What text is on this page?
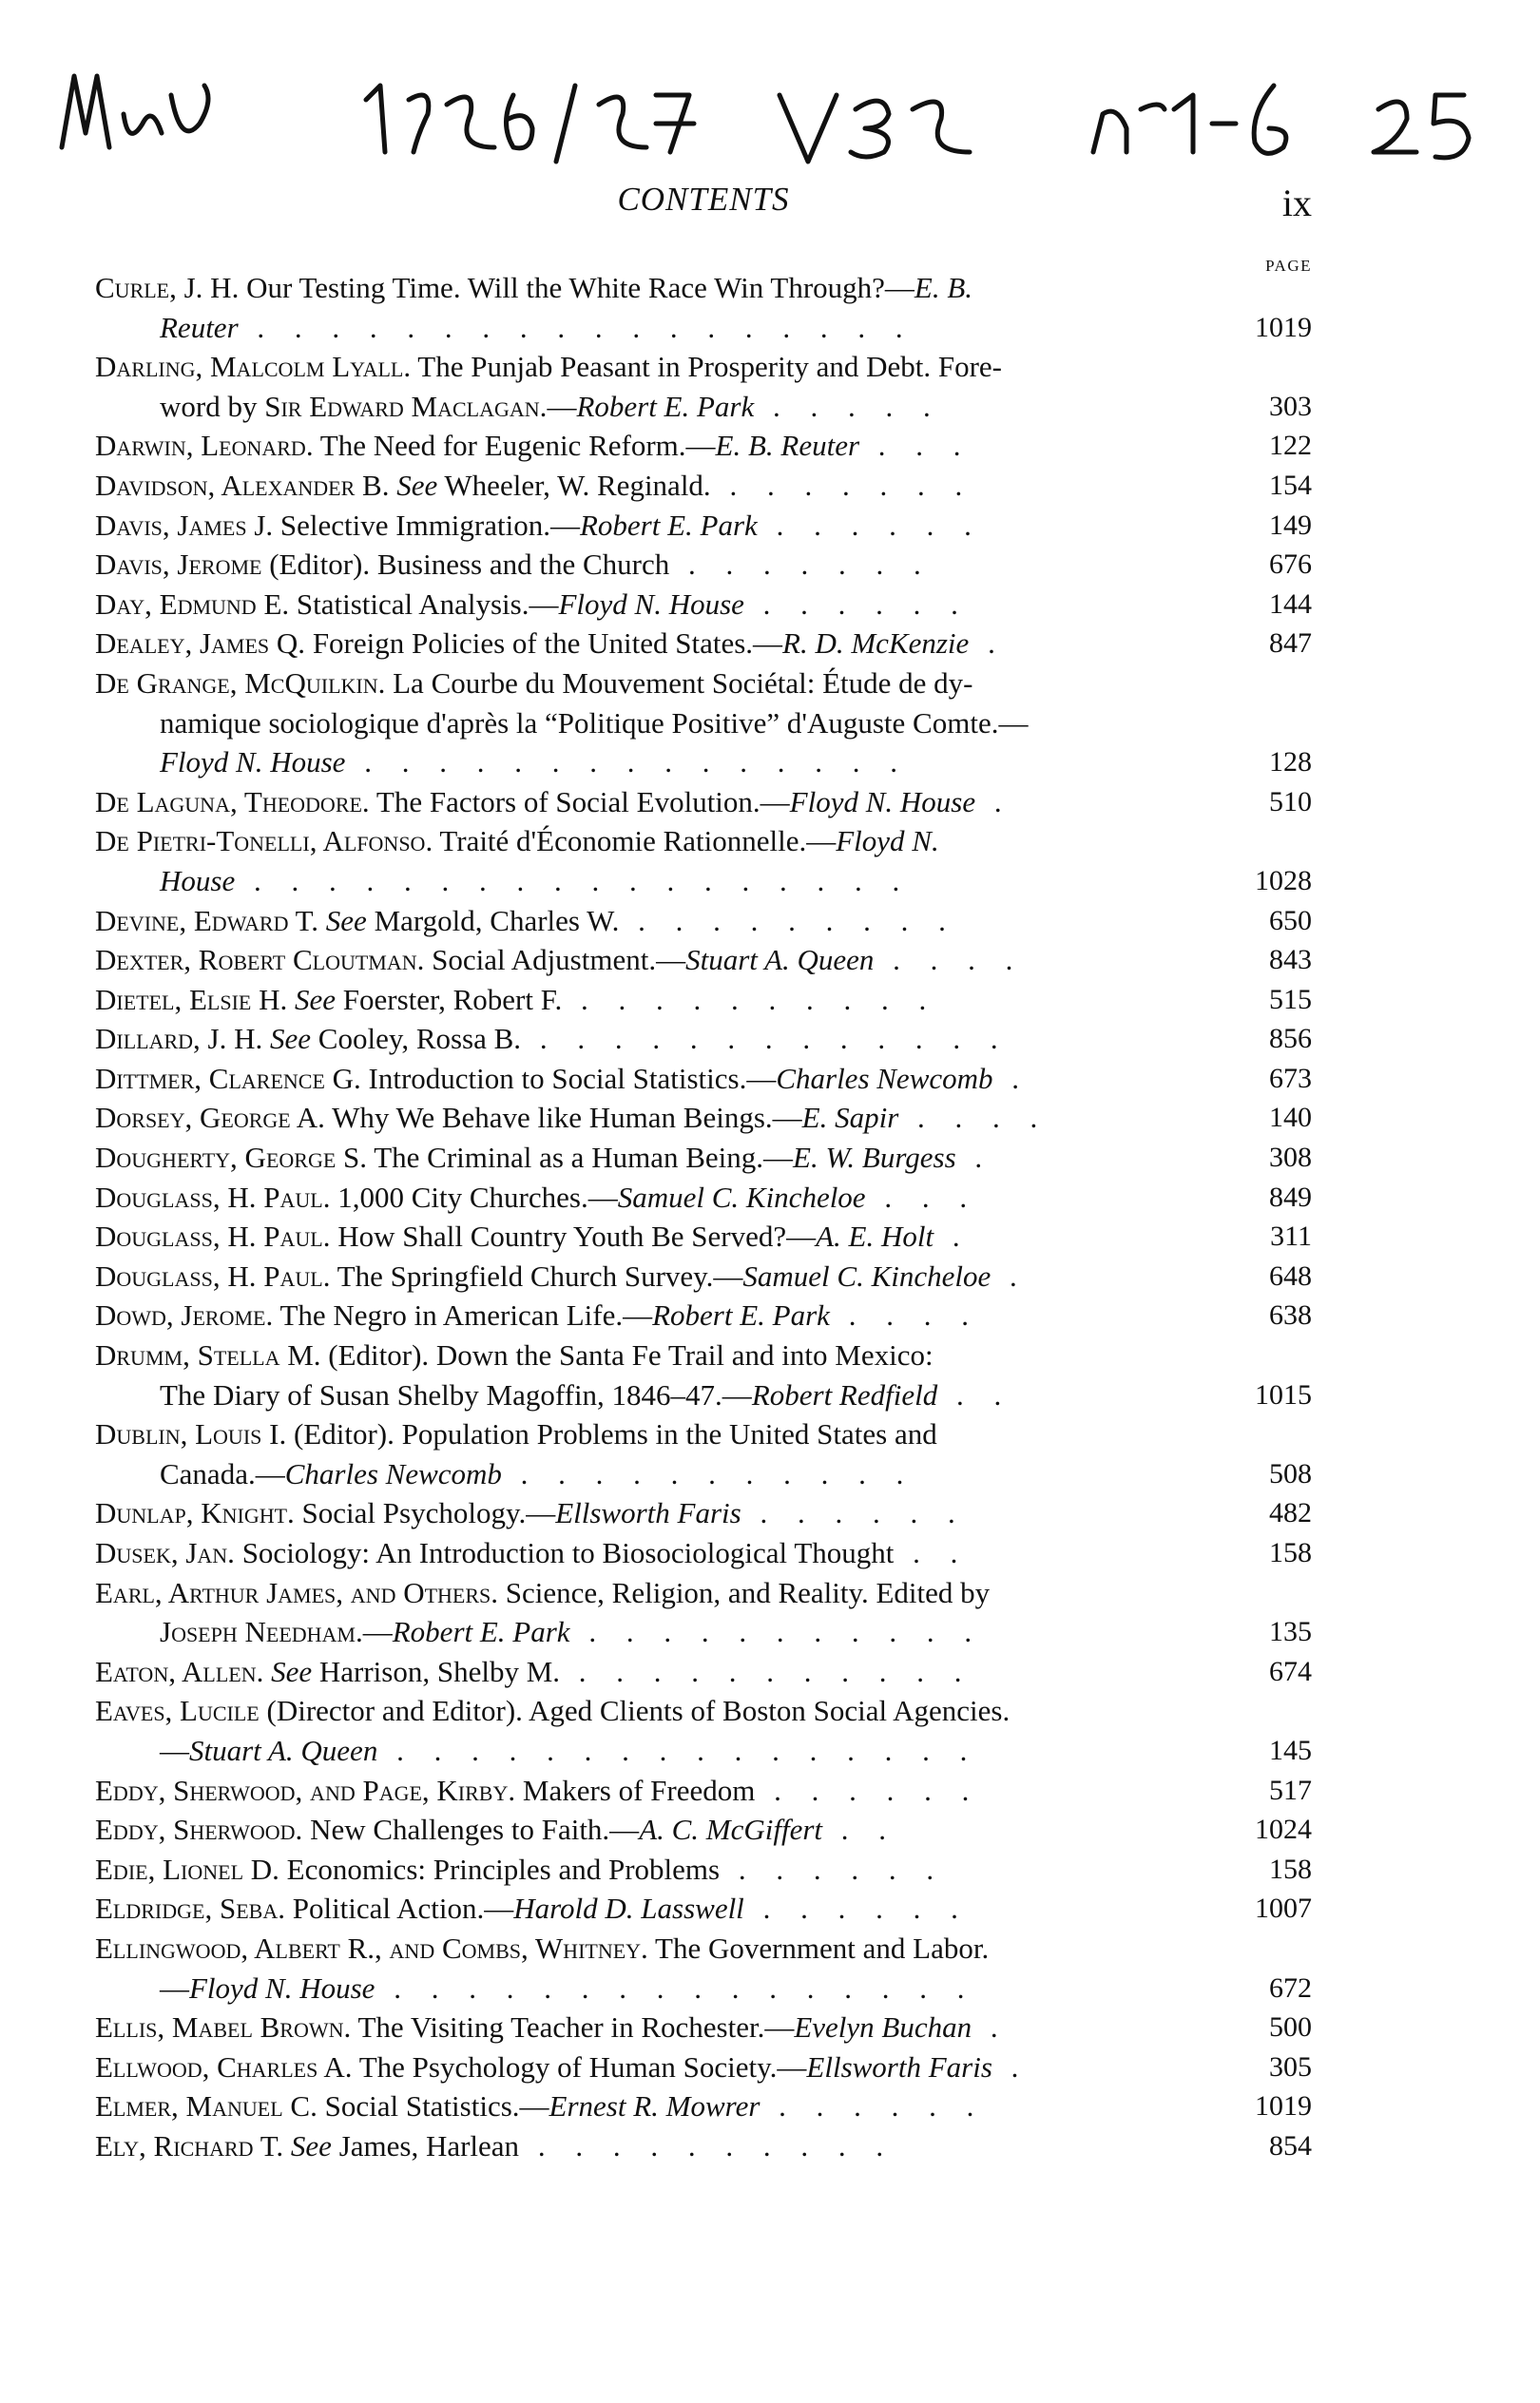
CONTENTS	ix
PAGE
Curle, J. H. Our Testing Time. Will the White Race Win Through?—E. B.
Reuter . . . . . . . . . . . . . . . . . .	1019
Darling, Malcolm Lyall. The Punjab Peasant in Prosperity and Debt. Fore-
word by Sir Edward Maclagan.—Robert E. Park . . . . .	303
Darwin, Leonard. The Need for Eugenic Reform.—E. B. Reuter . . .	122
Davidson, Alexander B. See Wheeler, W. Reginald. . . . . . . .	154
Davis, James J. Selective Immigration.—Robert E. Park . . . . . .	149
Davis, Jerome (Editor). Business and the Church . . . . . . .	676
Day, Edmund E. Statistical Analysis.—Floyd N. House . . . . . .	144
Dealey, James Q. Foreign Policies of the United States.—R. D. McKenzie .	847
De Grange, McQuilkin. La Courbe du Mouvement Sociétal: Étude de dy-
namique sociologique d'après la “Politique Positive” d'Auguste Comte.—
Floyd N. House . . . . . . . . . . . . . . .	128
De Laguna, Theodore. The Factors of Social Evolution.—Floyd N. House .	510
De Pietri-Tonelli, Alfonso. Traité d'Économie Rationnelle.—Floyd N.
House . . . . . . . . . . . . . . . . . .	1028
Devine, Edward T. See Margold, Charles W. . . . . . . . . .	650
Dexter, Robert Cloutman. Social Adjustment.—Stuart A. Queen . . . .	843
Dietel, Elsie H. See Foerster, Robert F. . . . . . . . . . .	515
Dillard, J. H. See Cooley, Rossa B. . . . . . . . . . . . . .	856
Dittmer, Clarence G. Introduction to Social Statistics.—Charles Newcomb .	673
Dorsey, George A. Why We Behave like Human Beings.—E. Sapir . . . .	140
Dougherty, George S. The Criminal as a Human Being.—E. W. Burgess .	308
Douglass, H. Paul. 1,000 City Churches.—Samuel C. Kincheloe . . .	849
Douglass, H. Paul. How Shall Country Youth Be Served?—A. E. Holt .	311
Douglass, H. Paul. The Springfield Church Survey.—Samuel C. Kincheloe .	648
Dowd, Jerome. The Negro in American Life.—Robert E. Park . . . .	638
Drumm, Stella M. (Editor). Down the Santa Fe Trail and into Mexico:
The Diary of Susan Shelby Magoffin, 1846–47.—Robert Redfield . .	1015
Dublin, Louis I. (Editor). Population Problems in the United States and
Canada.—Charles Newcomb . . . . . . . . . . .	508
Dunlap, Knight. Social Psychology.—Ellsworth Faris . . . . . .	482
Dusek, Jan. Sociology: An Introduction to Biosociological Thought . .	158
Earl, Arthur James, and Others. Science, Religion, and Reality. Edited by
Joseph Needham.—Robert E. Park . . . . . . . . . . .	135
Eaton, Allen. See Harrison, Shelby M. . . . . . . . . . . .	674
Eaves, Lucile (Director and Editor). Aged Clients of Boston Social Agencies.
—Stuart A. Queen . . . . . . . . . . . . . . . .	145
Eddy, Sherwood, and Page, Kirby. Makers of Freedom . . . . . .	517
Eddy, Sherwood. New Challenges to Faith.—A. C. McGiffert . .	1024
Edie, Lionel D. Economics: Principles and Problems . . . . . .	158
Eldridge, Seba. Political Action.—Harold D. Lasswell . . . . . .	1007
Ellingwood, Albert R., and Combs, Whitney. The Government and Labor.
—Floyd N. House . . . . . . . . . . . . . . . .	672
Ellis, Mabel Brown. The Visiting Teacher in Rochester.—Evelyn Buchan .	500
Ellwood, Charles A. The Psychology of Human Society.—Ellsworth Faris .	305
Elmer, Manuel C. Social Statistics.—Ernest R. Mowrer . . . . . .	1019
Ely, Richard T. See James, Harlean . . . . . . . . . .	854
